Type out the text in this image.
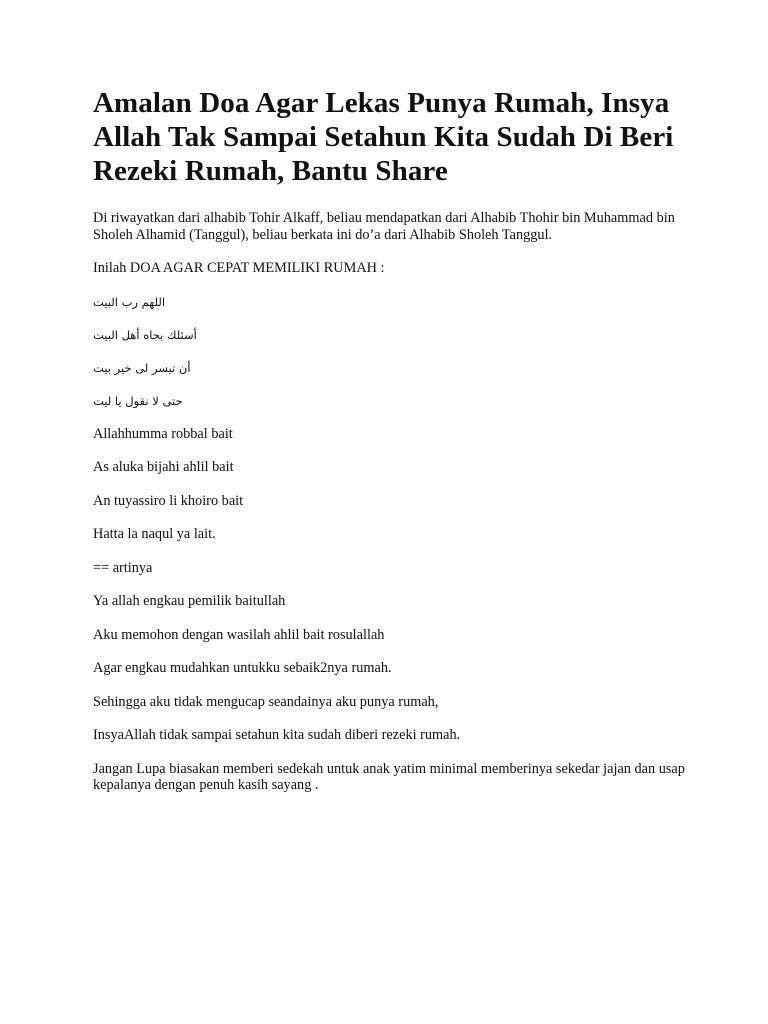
Amalan Doa Agar Lekas Punya Rumah, Insya Allah Tak Sampai Setahun Kita Sudah Di Beri Rezeki Rumah, Bantu Share

Di riwayatkan dari alhabib Tohir Alkaff, beliau mendapatkan dari Alhabib Thohir bin Muhammad bin Sholeh Alhamid (Tanggul), beliau berkata ini do’a dari Alhabib Sholeh Tanggul.

Inilah DOA AGAR CEPAT MEMILIKI RUMAH :

اللهم رب البيت
أسئلك بجاه أهل البيت
أن تيسر لى خير بيت
حتى لا نقول يا ليت

Allahhumma robbal bait

As aluka bijahi ahlil bait

An tuyassiro li khoiro bait

Hatta la naqul ya lait.

== artinya

Ya allah engkau pemilik baitullah

Aku memohon dengan wasilah ahlil bait rosulallah

Agar engkau mudahkan untukku sebaik2nya rumah.

Sehingga aku tidak mengucap seandainya aku punya rumah,

InsyaAllah tidak sampai setahun kita sudah diberi rezeki rumah.

Jangan Lupa biasakan memberi sedekah untuk anak yatim minimal memberinya sekedar jajan dan usap kepalanya dengan penuh kasih sayang .
